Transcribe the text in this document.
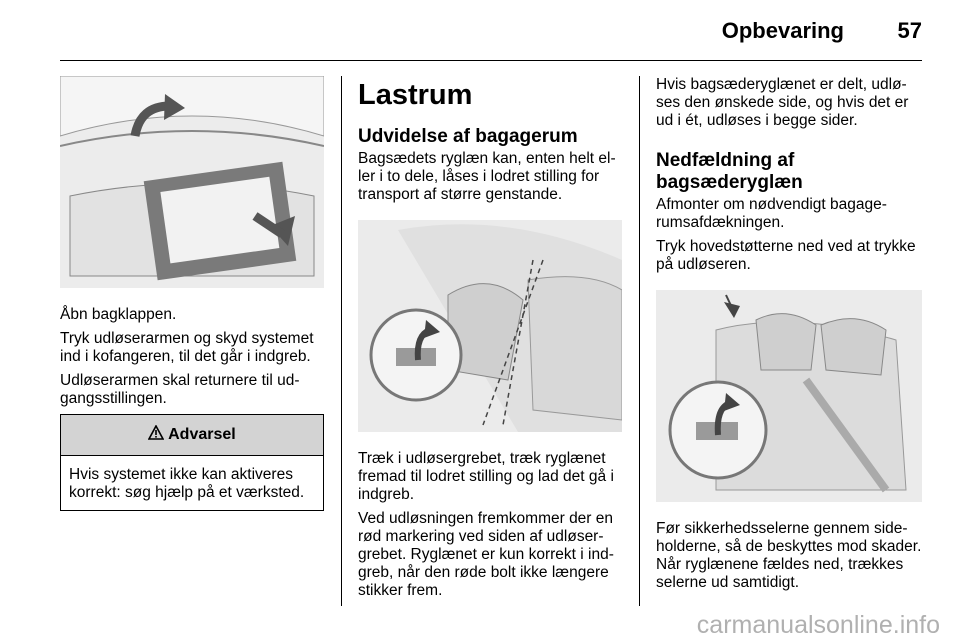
Opbevaring 57

Åbn bagklappen.

Tryk udløserarmen og skyd systemet ind i kofangeren, til det går i indgreb.

Udløserarmen skal returnere til udgangsstillingen.

Advarsel

Hvis systemet ikke kan aktiveres korrekt: søg hjælp på et værksted.

Lastrum
Udvidelse af bagagerum

Bagsædets ryglæn kan, enten helt eller i to dele, låses i lodret stilling for transport af større genstande.

Træk i udløsergrebet, træk ryglænet fremad til lodret stilling og lad det gå i indgreb.

Ved udløsningen fremkommer der en rød markering ved siden af udløsergrebet. Ryglænet er kun korrekt i indgreb, når den røde bolt ikke længere stikker frem.

Hvis bagsæderyglænet er delt, udløses den ønskede side, og hvis det er ud i ét, udløses i begge sider.

Nedfældning af
bagsæderyglæn

Afmonter om nødvendigt bagagerumsafdækningen.

Tryk hovedstøtterne ned ved at trykke på udløseren.

Før sikkerhedsselerne gennem sideholderne, så de beskyttes mod skader. Når ryglænene fældes ned, trækkes selerne ud samtidigt.

carmanualsonline.info
